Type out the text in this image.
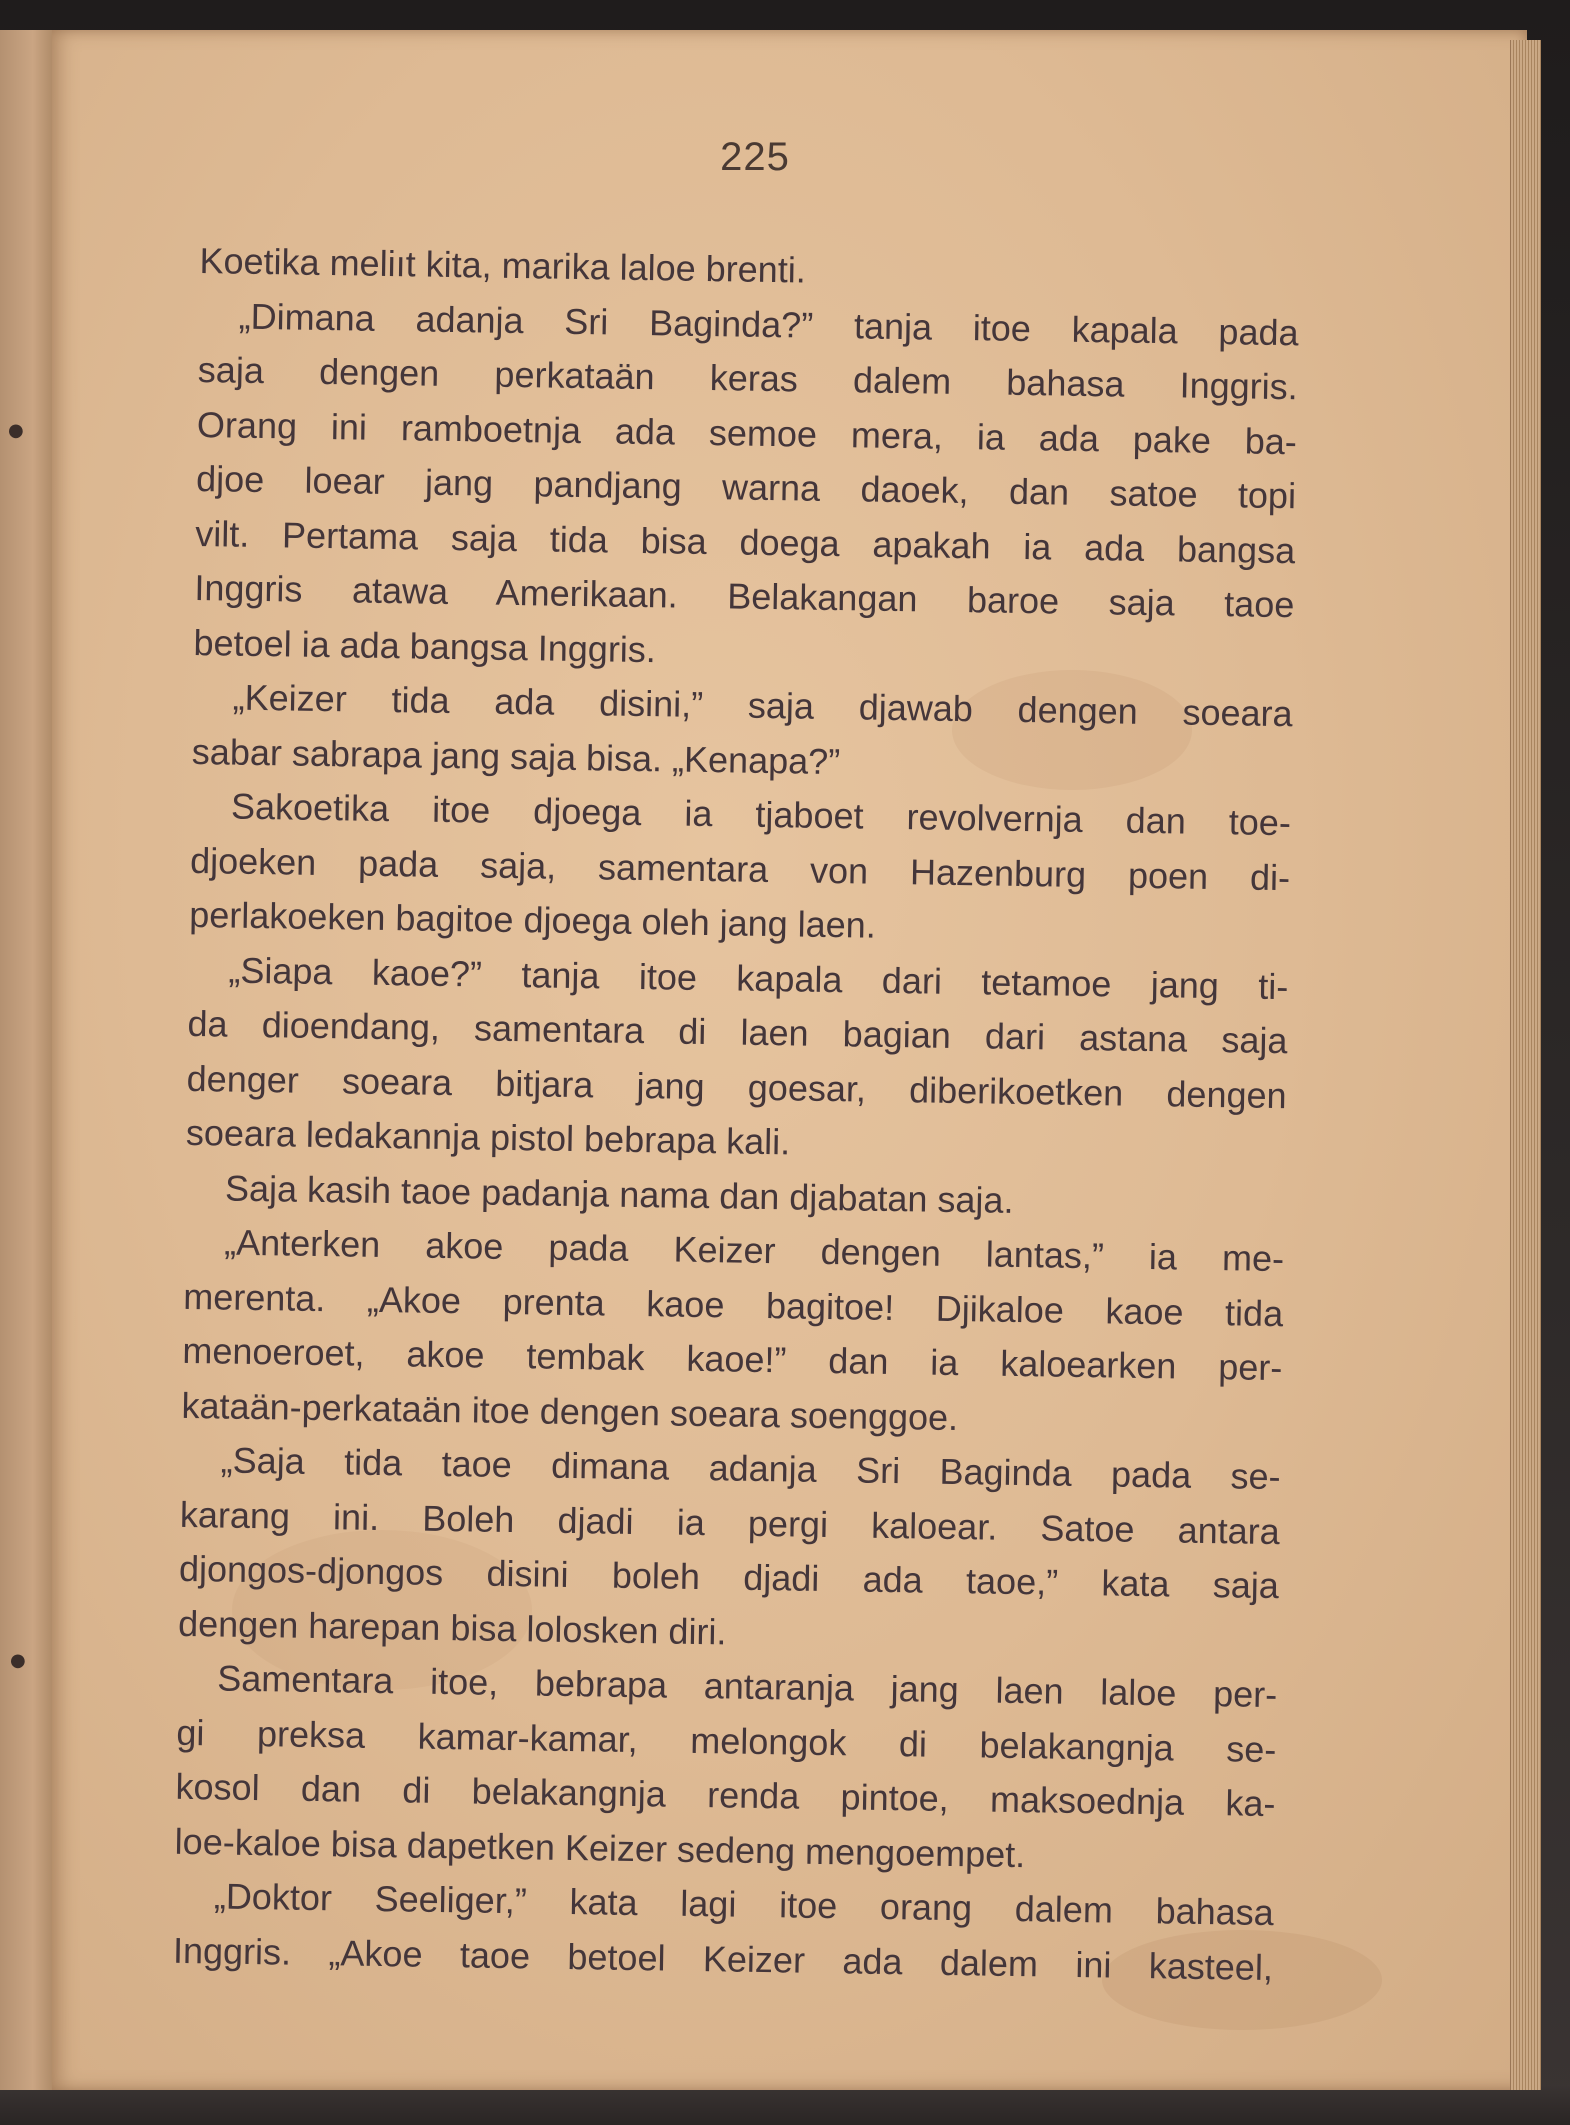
●
●
225
Koetika meliıt kita, marika laloe brenti.
„Dimana adanja Sri Baginda?” tanja itoe kapala pada
saja dengen perkataän keras dalem bahasa Inggris.
Orang ini ramboetnja ada semoe mera, ia ada pake ba-
djoe loear jang pandjang warna daoek, dan satoe topi
vilt. Pertama saja tida bisa doega apakah ia ada bangsa
Inggris atawa Amerikaan. Belakangan baroe saja taoe
betoel ia ada bangsa Inggris.
„Keizer tida ada disini,” saja djawab dengen soeara
sabar sabrapa jang saja bisa. „Kenapa?”
Sakoetika itoe djoega ia tjaboet revolvernja dan toe-
djoeken pada saja, samentara von Hazenburg poen di-
perlakoeken bagitoe djoega oleh jang laen.
„Siapa kaoe?” tanja itoe kapala dari tetamoe jang ti-
da dioendang, samentara di laen bagian dari astana saja
denger soeara bitjara jang goesar, diberikoetken dengen
soeara ledakannja pistol bebrapa kali.
Saja kasih taoe padanja nama dan djabatan saja.
„Anterken akoe pada Keizer dengen lantas,” ia me-
merenta. „Akoe prenta kaoe bagitoe! Djikaloe kaoe tida
menoeroet, akoe tembak kaoe!” dan ia kaloearken per-
kataän-perkataän itoe dengen soeara soenggoe.
„Saja tida taoe dimana adanja Sri Baginda pada se-
karang ini. Boleh djadi ia pergi kaloear. Satoe antara
djongos-djongos disini boleh djadi ada taoe,” kata saja
dengen harepan bisa lolosken diri.
Samentara itoe, bebrapa antaranja jang laen laloe per-
gi preksa kamar-kamar, melongok di belakangnja se-
kosol dan di belakangnja renda pintoe, maksoednja ka-
loe-kaloe bisa dapetken Keizer sedeng mengoempet.
„Doktor Seeliger,” kata lagi itoe orang dalem bahasa
Inggris. „Akoe taoe betoel Keizer ada dalem ini kasteel,
